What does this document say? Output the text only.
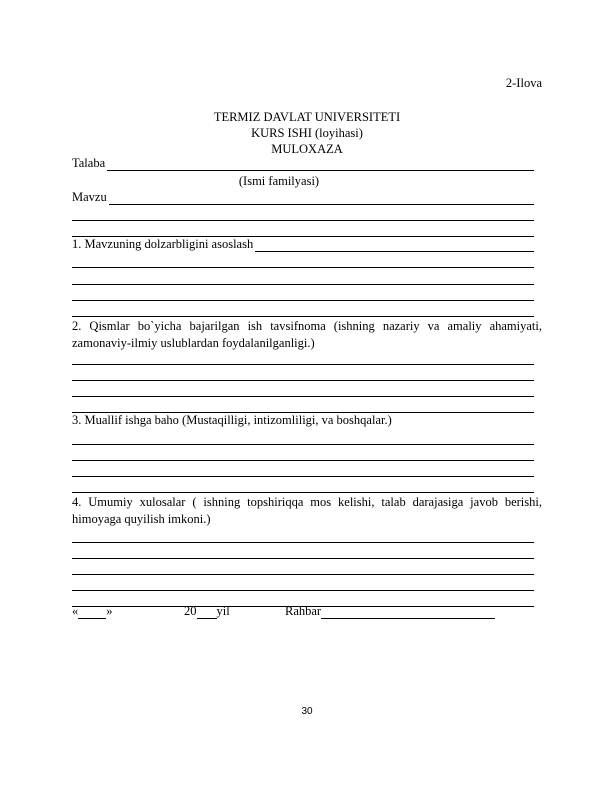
2-Ilova
TERMIZ DAVLAT UNIVERSITETI
KURS ISHI (loyihasi)
MULOXAZA
Talaba
(Ismi familyasi)
Mavzu
1. Mavzuning dolzarbligini asoslash
2. Qismlar bo`yicha bajarilgan ish tavsifnoma (ishning nazariy va amaliy ahamiyati, zamonaviy-ilmiy uslublardan foydalanilganligi.)
3. Muallif ishga baho (Mustaqilligi, intizomliligi, va boshqalar.)
4. Umumiy xulosalar ( ishning topshiriqqa mos kelishi, talab darajasiga javob berishi, himoyaga quyilish imkoni.)
« »	20 yil	Rahbar
30
